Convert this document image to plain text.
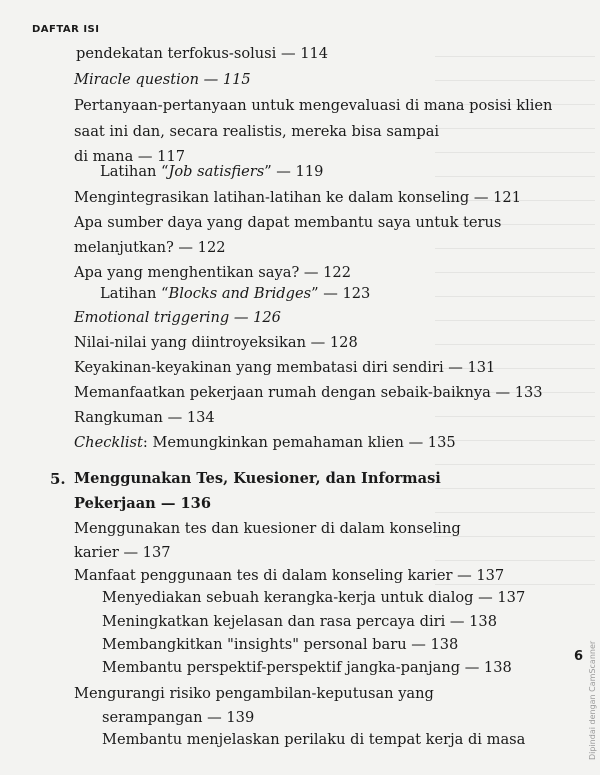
DAFTAR ISI
pendekatan terfokus-solusi — 114
Miracle question — 115
Pertanyaan-pertanyaan untuk mengevaluasi di mana posisi klien
saat ini dan, secara realistis, mereka bisa sampai
di mana — 117
Latihan “Job satisfiers” — 119
Mengintegrasikan latihan-latihan ke dalam konseling — 121
Apa sumber daya yang dapat membantu saya untuk terus
melanjutkan? — 122
Apa yang menghentikan saya? — 122
Latihan “Blocks and Bridges” — 123
Emotional triggering — 126
Nilai-nilai yang diintroyeksikan — 128
Keyakinan-keyakinan yang membatasi diri sendiri — 131
Memanfaatkan pekerjaan rumah dengan sebaik-baiknya — 133
Rangkuman — 134
Checklist: Memungkinkan pemahaman klien — 135
5. Menggunakan Tes, Kuesioner, dan Informasi
Pekerjaan — 136
Menggunakan tes dan kuesioner di dalam konseling
karier — 137
Manfaat penggunaan tes di dalam konseling karier — 137
Menyediakan sebuah kerangka-kerja untuk dialog — 137
Meningkatkan kejelasan dan rasa percaya diri — 138
Membangkitkan "insights" personal baru — 138
Membantu perspektif-perspektif jangka-panjang — 138
Mengurangi risiko pengambilan-keputusan yang
serampangan — 139
Membantu menjelaskan perilaku di tempat kerja di masa
6 Dipindai dengan CamScanner
